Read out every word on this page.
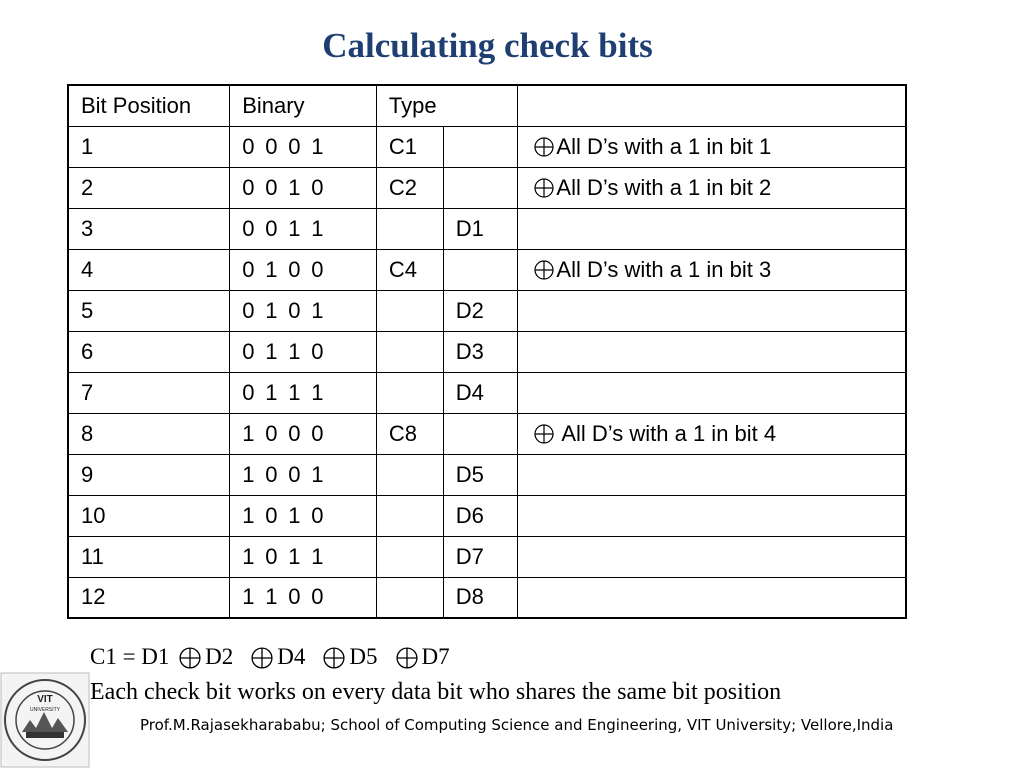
Calculating check bits
Bit Position	Binary	Type		
1	0 0 0 1	C1		All D’s with a 1 in bit 1
2	0 0 1 0	C2		All D’s with a 1 in bit 2
3	0 0 1 1		D1	
4	0 1 0 0	C4		All D’s with a 1 in bit 3
5	0 1 0 1		D2	
6	0 1 1 0		D3	
7	0 1 1 1		D4	
8	1 0 0 0	C8		All D’s with a 1 in bit 4
9	1 0 0 1		D5	
10	1 0 1 0		D6	
11	1 0 1 1		D7	
12	1 1 0 0		D8	
C1 = D1 D2 D4 D5 D7
Each check bit works on every data bit who shares the same bit position
Prof.M.Rajasekharababu; School of Computing Science and Engineering, VIT University; Vellore,India
VIT
UNIVERSITY
